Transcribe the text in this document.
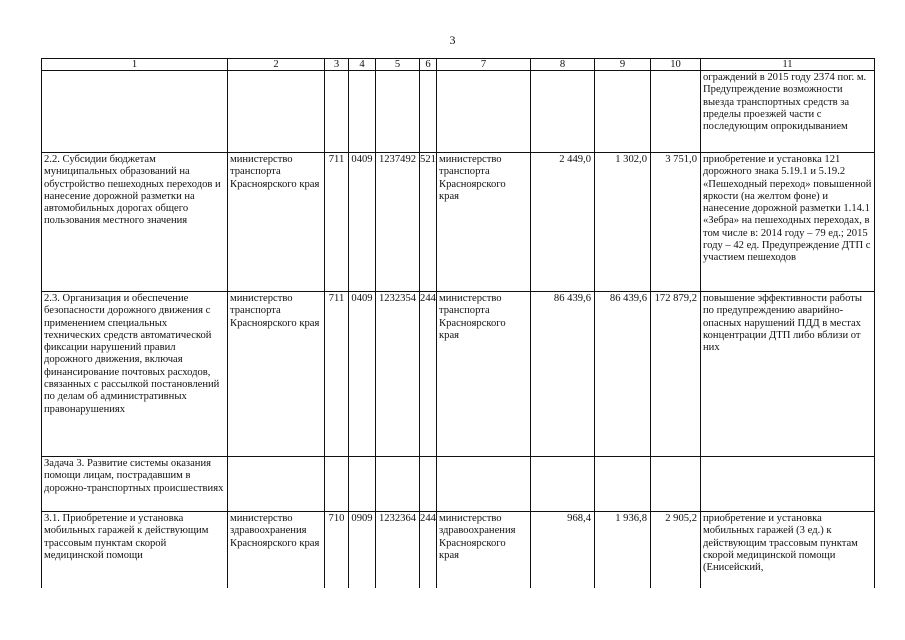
3
1	2	3	4	5	6	7	8	9	10	11
										ограждений в 2015 году 2374 пог. м. Предупреждение возможности выезда транспортных средств за пределы проезжей части с последующим опрокидыванием
2.2. Субсидии бюджетам муниципальных образований на обустройство пешеходных переходов и нанесение дорожной разметки на автомобильных дорогах общего пользования местного значения	министерство транспорта Красноярского края	711	0409	1237492	521	министерство транспорта Красноярского края	2 449,0	1 302,0	3 751,0	приобретение и установка 121 дорожного знака 5.19.1 и 5.19.2 «Пешеходный переход» повышенной яркости (на желтом фоне) и нанесение дорожной разметки 1.14.1 «Зебра» на пешеходных переходах, в том числе в: 2014 году – 79 ед.; 2015 году – 42 ед. Предупреждение ДТП с участием пешеходов
2.3. Организация и обеспечение безопасности дорожного движения с применением специальных технических средств автоматической фиксации нарушений правил дорожного движения, включая финансирование почтовых расходов, связанных с рассылкой постановлений по делам об административных правонарушениях	министерство транспорта Красноярского края	711	0409	1232354	244	министерство транспорта Красноярского края	86 439,6	86 439,6	172 879,2	повышение эффективности работы по предупреждению аварийно-опасных нарушений ПДД в местах концентрации ДТП либо вблизи от них
Задача 3. Развитие системы оказания помощи лицам, пострадавшим в дорожно-транспортных происшествиях										
3.1. Приобретение и установка мобильных гаражей к действующим трассовым пунктам скорой медицинской помощи	министерство здравоохранения Красноярского края	710	0909	1232364	244	министерство здравоохранения Красноярского края	968,4	1 936,8	2 905,2	приобретение и установка мобильных гаражей (3 ед.) к действующим трассовым пунктам скорой медицинской помощи (Енисейский,
